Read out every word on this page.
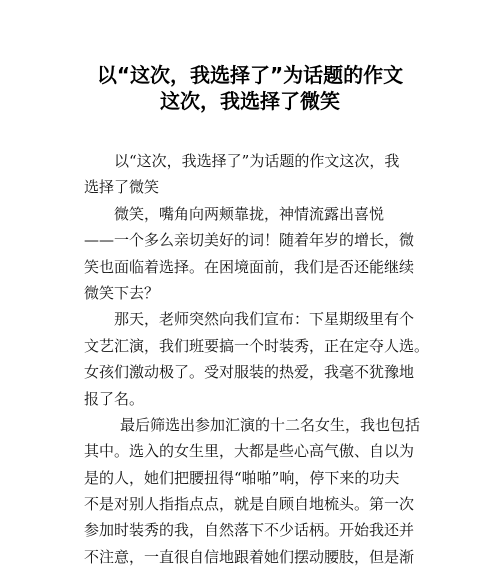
以“这次，我选择了”为话题的作文
这次，我选择了微笑
以“这次，我选择了”为话题的作文这次，我
选择了微笑
微笑，嘴角向两颊靠拢，神情流露出喜悦
——一个多么亲切美好的词！随着年岁的增长，微
笑也面临着选择。在困境面前，我们是否还能继续
微笑下去？
那天，老师突然向我们宣布：下星期级里有个
文艺汇演，我们班要搞一个时装秀，正在定夺人选。
女孩们激动极了。受对服装的热爱，我毫不犹豫地
报了名。
最后筛选出参加汇演的十二名女生，我也包括
其中。选入的女生里，大都是些心高气傲、自以为
是的人，她们把腰扭得“啪啪”响，停下来的功夫
不是对别人指指点点，就是自顾自地梳头。第一次
参加时装秀的我，自然落下不少话柄。开始我还并
不注意，一直很自信地跟着她们摆动腰肢，但是渐
